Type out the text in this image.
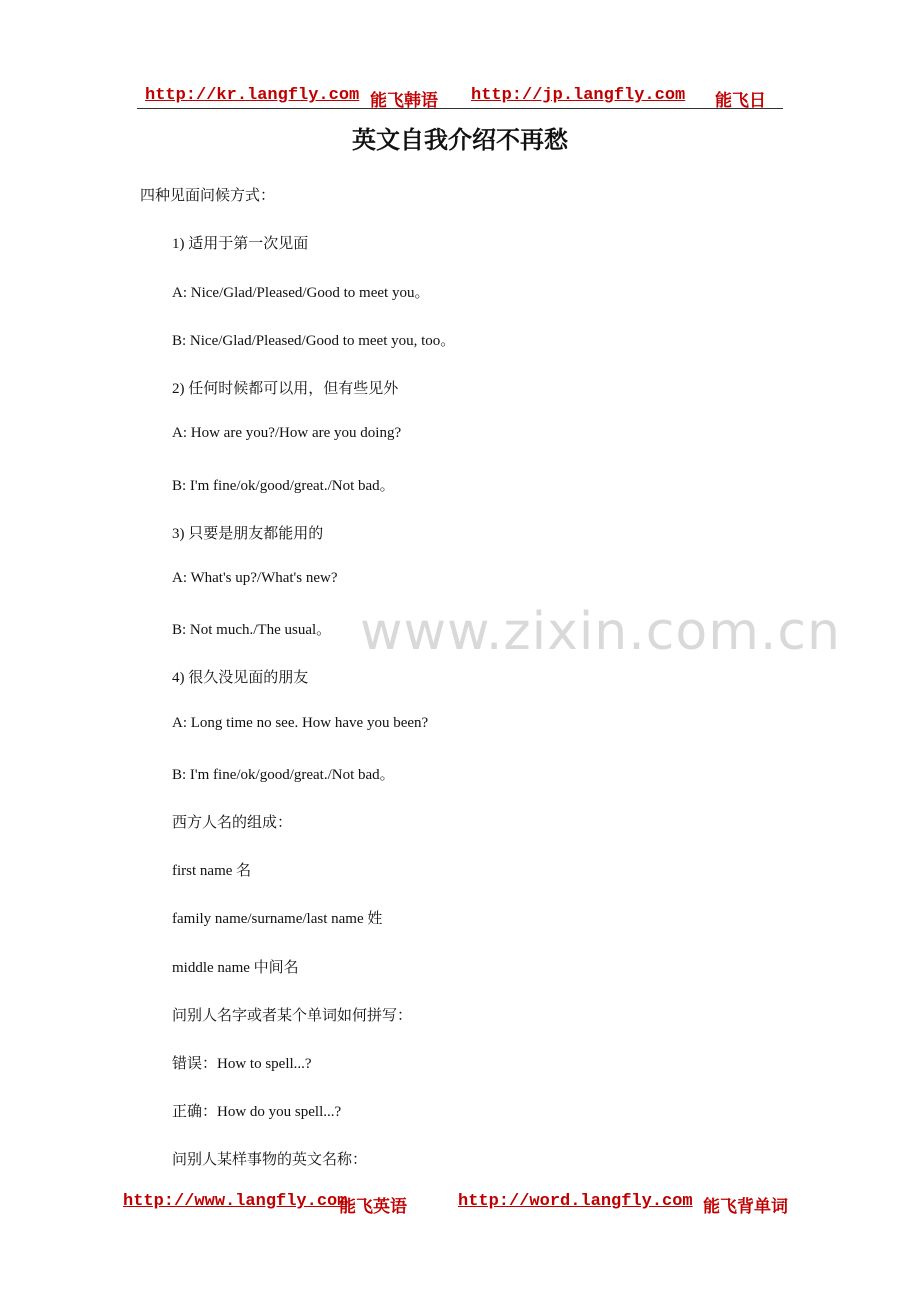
http://kr.langfly.com 能飞韩语 http://jp.langfly.com 能飞日
英文自我介绍不再愁
www.zixin.com.cn
四种见面问候方式：
1) 适用于第一次见面
A: Nice/Glad/Pleased/Good to meet you。
B: Nice/Glad/Pleased/Good to meet you, too。
2) 任何时候都可以用，但有些见外
A: How are you?/How are you doing?
B: I'm fine/ok/good/great./Not bad。
3) 只要是朋友都能用的
A: What's up?/What's new?
B: Not much./The usual。
4) 很久没见面的朋友
A: Long time no see. How have you been?
B: I'm fine/ok/good/great./Not bad。
西方人名的组成：
first name 名
family name/surname/last name 姓
middle name 中间名
问别人名字或者某个单词如何拼写：
错误：How to spell...?
正确：How do you spell...?
问别人某样事物的英文名称：
http://www.langfly.com
能飞英语	http://word.langfly.com 能飞背单词
